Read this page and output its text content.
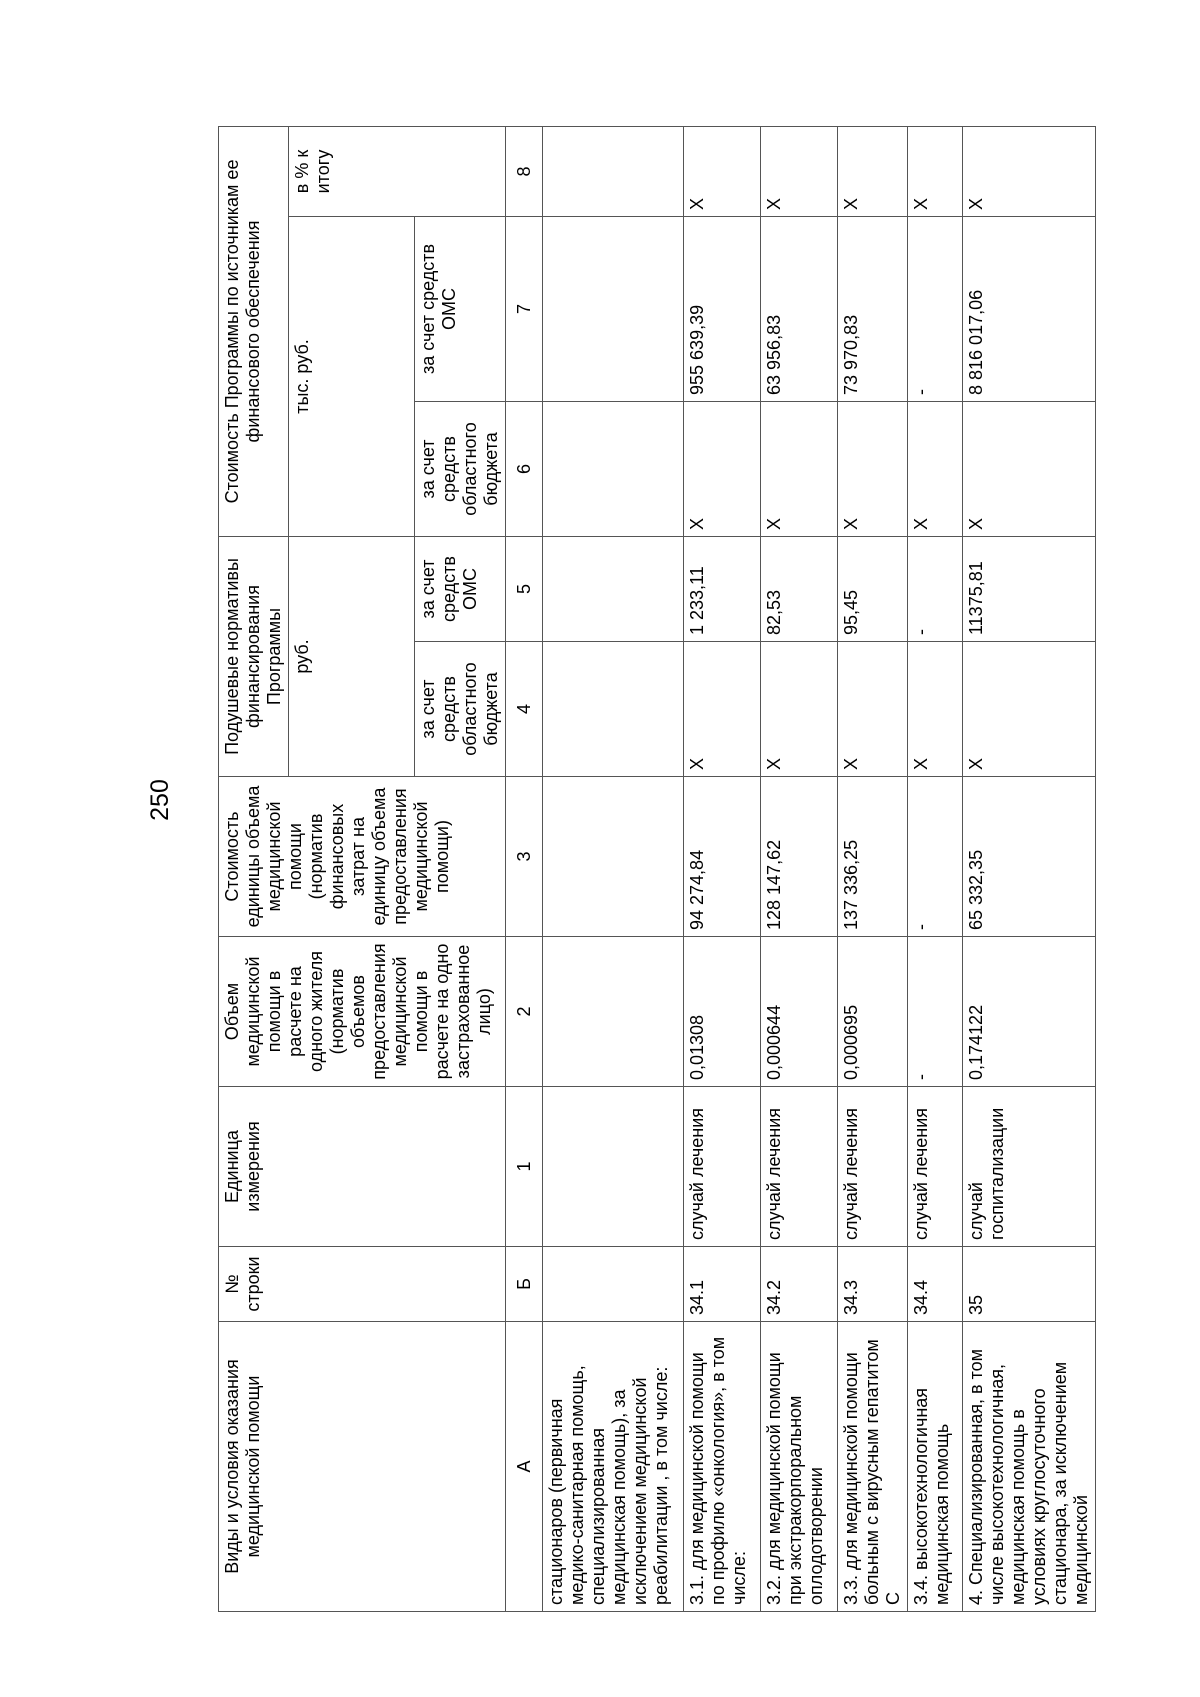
250
Виды и условия оказания медицинской помощи	№ строки	Единица измерения	Объем медицинской помощи в расчете на одного жителя (норматив объемов предоставления медицинской помощи в расчете на одно застрахованное лицо)	Стоимость единицы объема медицинской помощи (норматив финансовых затрат на единицу объема предоставления медицинской помощи)	Подушевые нормативы финансирования Программы		Стоимость Программы по источникам ее финансового обеспечения		
					руб.		тыс. руб.		в % к итогу
					за счет средств областного бюджета	за счет средств ОМС	за счет средств областного бюджета	за счет средств ОМС	
А	Б	1	2	3	4	5	6	7	8
стационаров (первичная медико-санитарная помощь, специализированная медицинская помощь), за исключением медицинской реабилитации , в том числе:									
3.1. для медицинской помощи по профилю «онкология», в том числе:	34.1	случай лечения	0,01308	94 274,84	Х	1 233,11	Х	955 639,39	Х
3.2. для медицинской помощи при экстракорпоральном оплодотворении	34.2	случай лечения	0,000644	128 147,62	Х	82,53	Х	63 956,83	Х
3.3. для медицинской помощи больным с вирусным гепатитом С	34.3	случай лечения	0,000695	137 336,25	Х	95,45	Х	73 970,83	Х
3.4. высокотехнологичная медицинская помощь	34.4	случай лечения	-	-	Х	-	Х	-	Х
4. Специализированная, в том числе высокотехнологичная, медицинская помощь в условиях круглосуточного стационара, за исключением медицинской	35	случай госпитализации	0,174122	65 332,35	Х	11375,81	Х	8 816 017,06	Х
